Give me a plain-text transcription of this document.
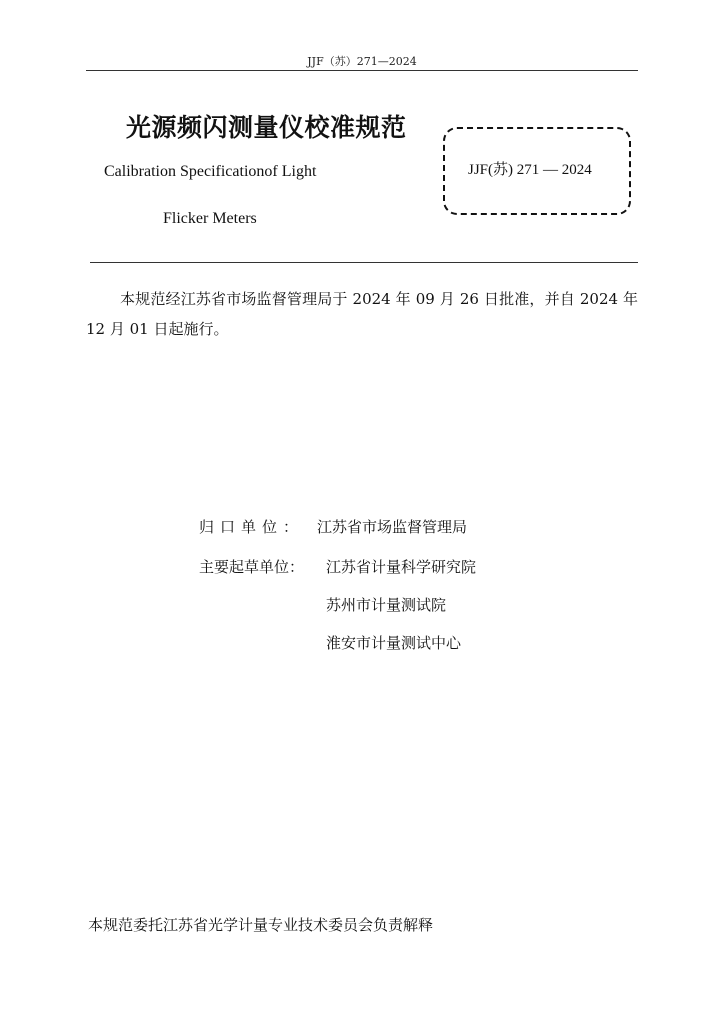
JJF（苏）271—2024
光源频闪测量仪校准规范
Calibration Specificationof Light
Flicker Meters
JJF(苏) 271 — 2024
本规范经江苏省市场监督管理局于 2024 年 09 月 26 日批准，并自 2024 年 12 月 01 日起施行。
归口单位： 江苏省市场监督管理局
主要起草单位： 江苏省计量科学研究院
苏州市计量测试院
淮安市计量测试中心
本规范委托江苏省光学计量专业技术委员会负责解释
